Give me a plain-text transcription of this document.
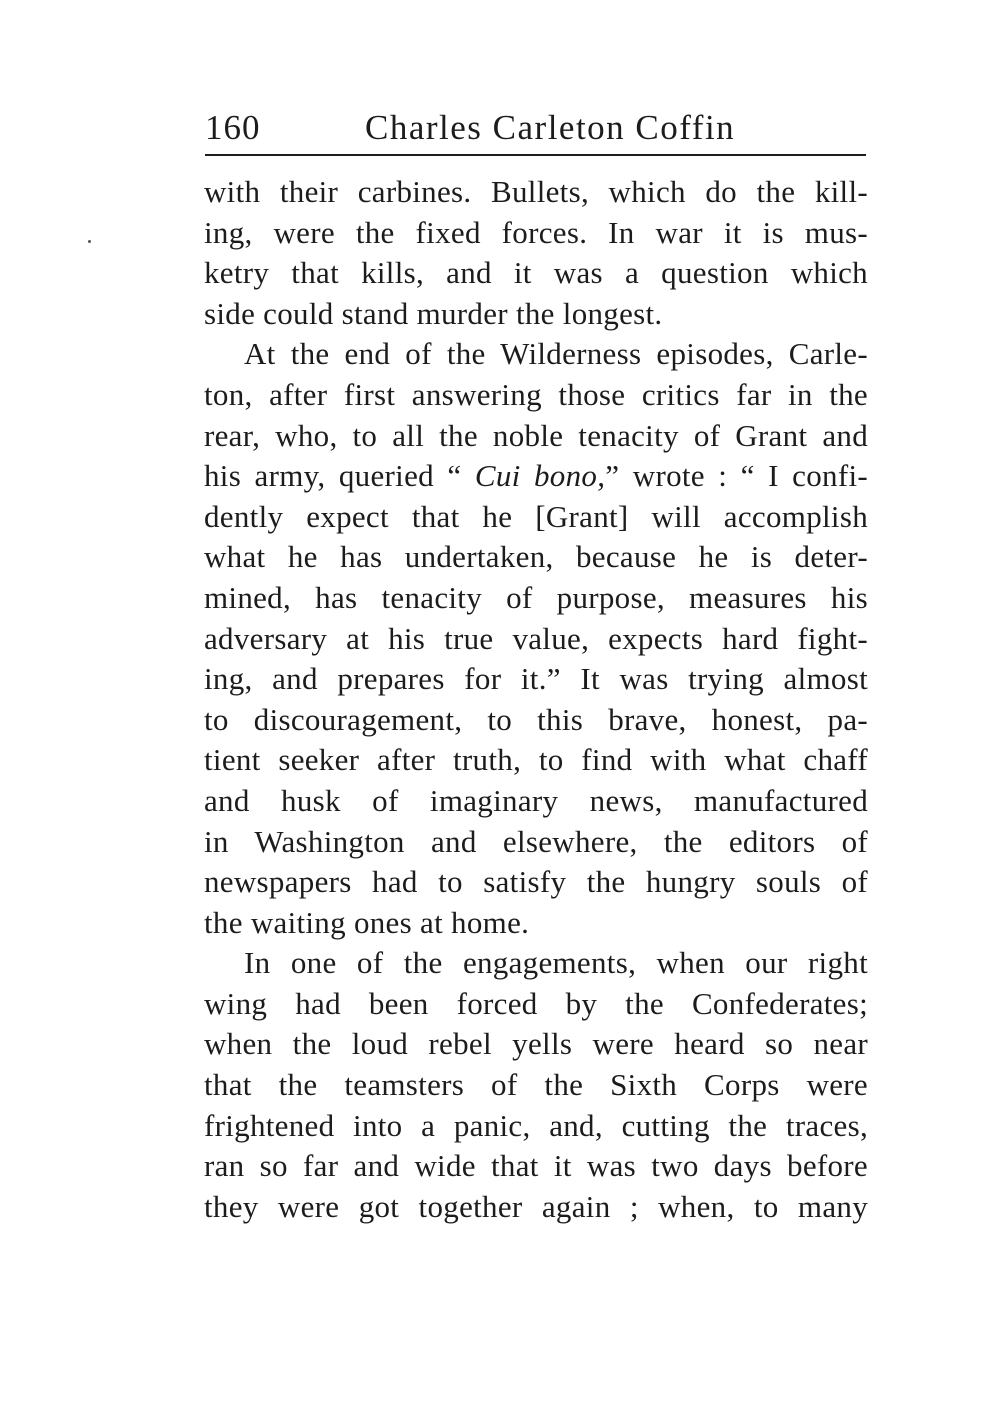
160	Charles Carleton Coffin
with their carbines. Bullets, which do the kill-
ing, were the fixed forces. In war it is mus-
ketry that kills, and it was a question which
side could stand murder the longest.
At the end of the Wilderness episodes, Carle-
ton, after first answering those critics far in the
rear, who, to all the noble tenacity of Grant and
his army, queried “ Cui bono,” wrote : “ I confi-
dently expect that he [Grant] will accomplish
what he has undertaken, because he is deter-
mined, has tenacity of purpose, measures his
adversary at his true value, expects hard fight-
ing, and prepares for it.” It was trying almost
to discouragement, to this brave, honest, pa-
tient seeker after truth, to find with what chaff
and husk of imaginary news, manufactured
in Washington and elsewhere, the editors of
newspapers had to satisfy the hungry souls of
the waiting ones at home.
In one of the engagements, when our right
wing had been forced by the Confederates;
when the loud rebel yells were heard so near
that the teamsters of the Sixth Corps were
frightened into a panic, and, cutting the traces,
ran so far and wide that it was two days before
they were got together again ; when, to many
